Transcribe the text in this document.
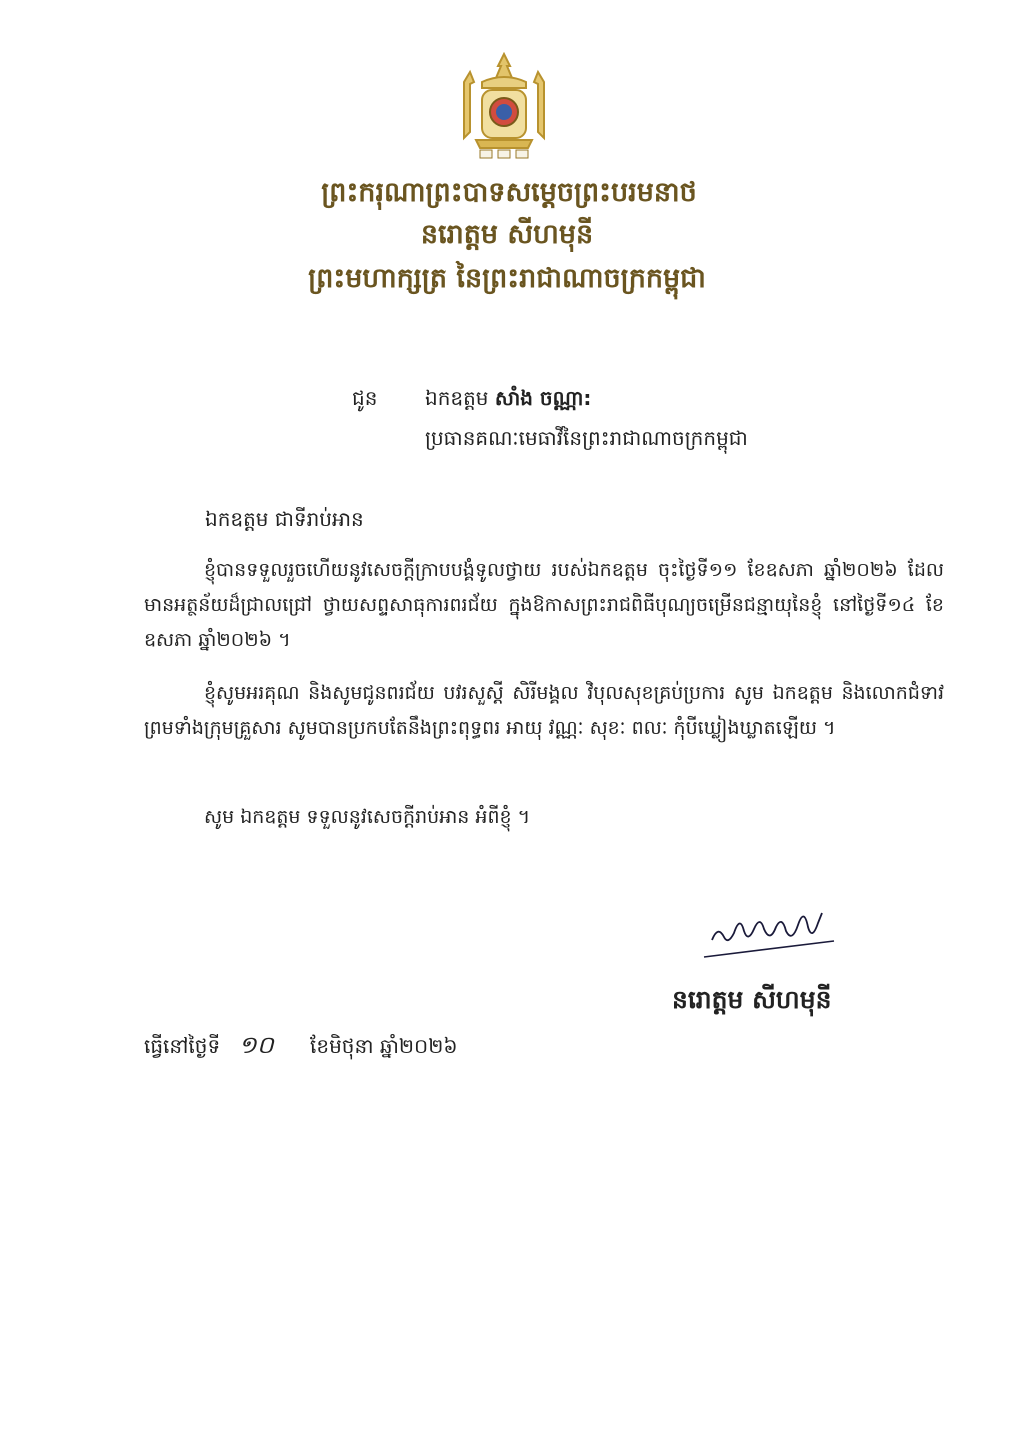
ព្រះករុណាព្រះបាទសម្ដេចព្រះបរមនាថ
នរោត្តម សីហមុនី
ព្រះមហាក្សត្រ នៃព្រះរាជាណាចក្រកម្ពុជា
ជូន ឯកឧត្តម សាំង ចណ្ណា:
ប្រធានគណៈមេធាវីនៃព្រះរាជាណាចក្រកម្ពុជា
ឯកឧត្តម ជាទីរាប់អាន
ខ្ញុំបានទទួលរួចហើយនូវសេចក្ដីក្រាបបង្គំទូលថ្វាយ របស់ឯកឧត្តម ចុះថ្ងៃទី១១ ខែឧសភា ឆ្នាំ២០២៦ ដែលមានអត្ថន័យដ៏ជ្រាលជ្រៅ ថ្វាយសព្ទសាធុការពរជ័យ ក្នុងឱកាសព្រះរាជពិធីបុណ្យចម្រើនជន្មាយុនៃខ្ញុំ នៅថ្ងៃទី១៤ ខែឧសភា ឆ្នាំ២០២៦ ។
ខ្ញុំសូមអរគុណ និងសូមជូនពរជ័យ បវរសួស្ដី សិរីមង្គល វិបុលសុខគ្រប់ប្រការ សូម ឯកឧត្តម និងលោកជំទាវ ព្រមទាំងក្រុមគ្រួសារ សូមបានប្រកបតែនឹងព្រះពុទ្ធពរ អាយុ វណ្ណៈ សុខៈ ពលៈ កុំបីឃ្លៀងឃ្លាតឡើយ ។
សូម ឯកឧត្តម ទទួលនូវសេចក្ដីរាប់អាន អំពីខ្ញុំ ។
នរោត្តម សីហមុនី
ធ្វើនៅថ្ងៃទី ១០ ខែមិថុនា ឆ្នាំ២០២៦
